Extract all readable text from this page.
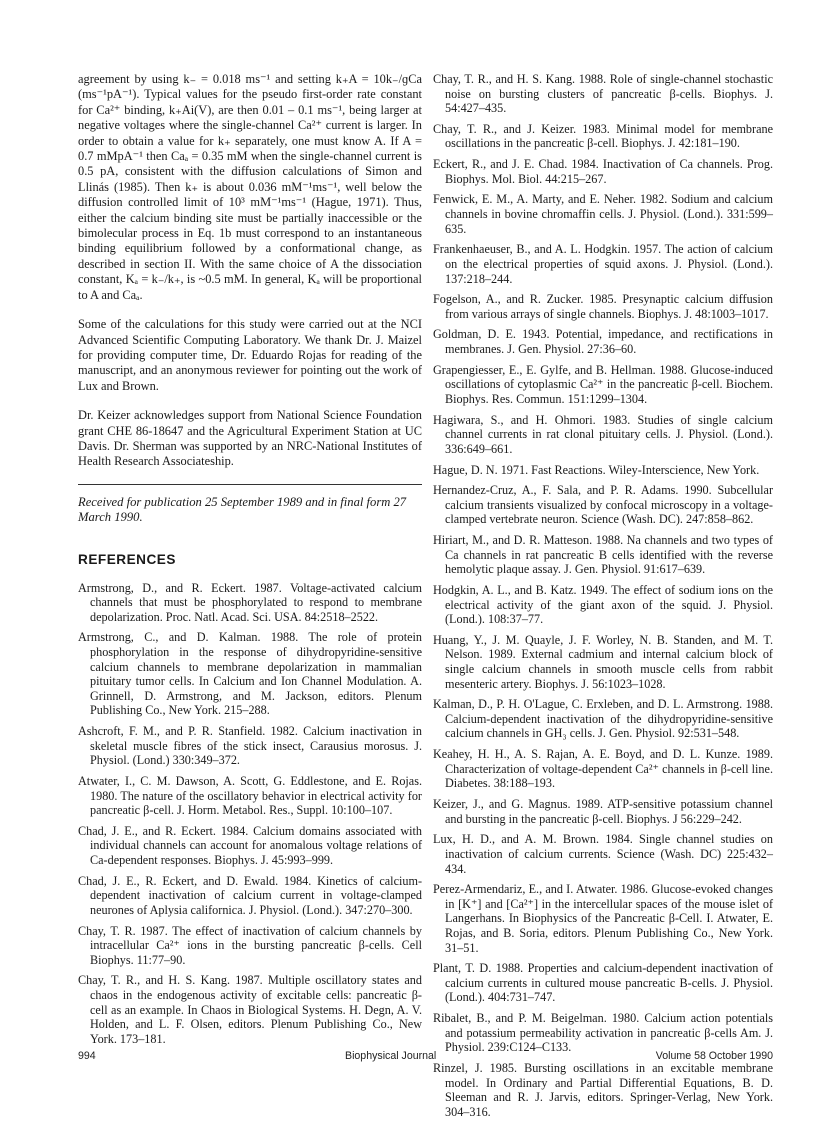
agreement by using k₋ = 0.018 ms⁻¹ and setting k₊A = 10k₋/ɡCa (ms⁻¹pA⁻¹). Typical values for the pseudo first-order rate constant for Ca²⁺ binding, k₊Ai(V), are then 0.01 – 0.1 ms⁻¹, being larger at negative voltages where the single-channel Ca²⁺ current is larger. In order to obtain a value for k₊ separately, one must know A. If A = 0.7 mMpA⁻¹ then Caₐ = 0.35 mM when the single-channel current is 0.5 pA, consistent with the diffusion calculations of Simon and Llinás (1985). Then k₊ is about 0.036 mM⁻¹ms⁻¹, well below the diffusion controlled limit of 10³ mM⁻¹ms⁻¹ (Hague, 1971). Thus, either the calcium binding site must be partially inaccessible or the bimolecular process in Eq. 1b must correspond to an instantaneous binding equilibrium followed by a conformational change, as described in section II. With the same choice of A the dissociation constant, Kₐ = k₋/k₊, is ~0.5 mM. In general, Kₐ will be proportional to A and Caₐ.

Some of the calculations for this study were carried out at the NCI Advanced Scientific Computing Laboratory. We thank Dr. J. Maizel for providing computer time, Dr. Eduardo Rojas for reading of the manuscript, and an anonymous reviewer for pointing out the work of Lux and Brown.

Dr. Keizer acknowledges support from National Science Foundation grant CHE 86-18647 and the Agricultural Experiment Station at UC Davis. Dr. Sherman was supported by an NRC-National Institutes of Health Research Associateship.

Received for publication 25 September 1989 and in final form 27 March 1990.

REFERENCES

Armstrong, D., and R. Eckert. 1987. Voltage-activated calcium channels that must be phosphorylated to respond to membrane depolarization. Proc. Natl. Acad. Sci. USA. 84:2518–2522.

Armstrong, C., and D. Kalman. 1988. The role of protein phosphorylation in the response of dihydropyridine-sensitive calcium channels to membrane depolarization in mammalian pituitary tumor cells. In Calcium and Ion Channel Modulation. A. Grinnell, D. Armstrong, and M. Jackson, editors. Plenum Publishing Co., New York. 215–288.

Ashcroft, F. M., and P. R. Stanfield. 1982. Calcium inactivation in skeletal muscle fibres of the stick insect, Carausius morosus. J. Physiol. (Lond.) 330:349–372.

Atwater, I., C. M. Dawson, A. Scott, G. Eddlestone, and E. Rojas. 1980. The nature of the oscillatory behavior in electrical activity for pancreatic β-cell. J. Horm. Metabol. Res., Suppl. 10:100–107.

Chad, J. E., and R. Eckert. 1984. Calcium domains associated with individual channels can account for anomalous voltage relations of Ca-dependent responses. Biophys. J. 45:993–999.

Chad, J. E., R. Eckert, and D. Ewald. 1984. Kinetics of calcium-dependent inactivation of calcium current in voltage-clamped neurones of Aplysia californica. J. Physiol. (Lond.). 347:270–300.

Chay, T. R. 1987. The effect of inactivation of calcium channels by intracellular Ca²⁺ ions in the bursting pancreatic β-cells. Cell Biophys. 11:77–90.

Chay, T. R., and H. S. Kang. 1987. Multiple oscillatory states and chaos in the endogenous activity of excitable cells: pancreatic β-cell as an example. In Chaos in Biological Systems. H. Degn, A. V. Holden, and L. F. Olsen, editors. Plenum Publishing Co., New York. 173–181.

Chay, T. R., and H. S. Kang. 1988. Role of single-channel stochastic noise on bursting clusters of pancreatic β-cells. Biophys. J. 54:427–435.

Chay, T. R., and J. Keizer. 1983. Minimal model for membrane oscillations in the pancreatic β-cell. Biophys. J. 42:181–190.

Eckert, R., and J. E. Chad. 1984. Inactivation of Ca channels. Prog. Biophys. Mol. Biol. 44:215–267.

Fenwick, E. M., A. Marty, and E. Neher. 1982. Sodium and calcium channels in bovine chromaffin cells. J. Physiol. (Lond.). 331:599–635.

Frankenhaeuser, B., and A. L. Hodgkin. 1957. The action of calcium on the electrical properties of squid axons. J. Physiol. (Lond.). 137:218–244.

Fogelson, A., and R. Zucker. 1985. Presynaptic calcium diffusion from various arrays of single channels. Biophys. J. 48:1003–1017.

Goldman, D. E. 1943. Potential, impedance, and rectifications in membranes. J. Gen. Physiol. 27:36–60.

Grapengiesser, E., E. Gylfe, and B. Hellman. 1988. Glucose-induced oscillations of cytoplasmic Ca²⁺ in the pancreatic β-cell. Biochem. Biophys. Res. Commun. 151:1299–1304.

Hagiwara, S., and H. Ohmori. 1983. Studies of single calcium channel currents in rat clonal pituitary cells. J. Physiol. (Lond.). 336:649–661.

Hague, D. N. 1971. Fast Reactions. Wiley-Interscience, New York.

Hernandez-Cruz, A., F. Sala, and P. R. Adams. 1990. Subcellular calcium transients visualized by confocal microscopy in a voltage-clamped vertebrate neuron. Science (Wash. DC). 247:858–862.

Hiriart, M., and D. R. Matteson. 1988. Na channels and two types of Ca channels in rat pancreatic B cells identified with the reverse hemolytic plaque assay. J. Gen. Physiol. 91:617–639.

Hodgkin, A. L., and B. Katz. 1949. The effect of sodium ions on the electrical activity of the giant axon of the squid. J. Physiol. (Lond.). 108:37–77.

Huang, Y., J. M. Quayle, J. F. Worley, N. B. Standen, and M. T. Nelson. 1989. External cadmium and internal calcium block of single calcium channels in smooth muscle cells from rabbit mesenteric artery. Biophys. J. 56:1023–1028.

Kalman, D., P. H. O'Lague, C. Erxleben, and D. L. Armstrong. 1988. Calcium-dependent inactivation of the dihydropyridine-sensitive calcium channels in GH₃ cells. J. Gen. Physiol. 92:531–548.

Keahey, H. H., A. S. Rajan, A. E. Boyd, and D. L. Kunze. 1989. Characterization of voltage-dependent Ca²⁺ channels in β-cell line. Diabetes. 38:188–193.

Keizer, J., and G. Magnus. 1989. ATP-sensitive potassium channel and bursting in the pancreatic β-cell. Biophys. J 56:229–242.

Lux, H. D., and A. M. Brown. 1984. Single channel studies on inactivation of calcium currents. Science (Wash. DC) 225:432–434.

Perez-Armendariz, E., and I. Atwater. 1986. Glucose-evoked changes in [K⁺] and [Ca²⁺] in the intercellular spaces of the mouse islet of Langerhans. In Biophysics of the Pancreatic β-Cell. I. Atwater, E. Rojas, and B. Soria, editors. Plenum Publishing Co., New York. 31–51.

Plant, T. D. 1988. Properties and calcium-dependent inactivation of calcium currents in cultured mouse pancreatic B-cells. J. Physiol. (Lond.). 404:731–747.

Ribalet, B., and P. M. Beigelman. 1980. Calcium action potentials and potassium permeability activation in pancreatic β-cells Am. J. Physiol. 239:C124–C133.

Rinzel, J. 1985. Bursting oscillations in an excitable membrane model. In Ordinary and Partial Differential Equations, B. D. Sleeman and R. J. Jarvis, editors. Springer-Verlag, New York. 304–316.

994	Biophysical Journal	Volume 58 October 1990
